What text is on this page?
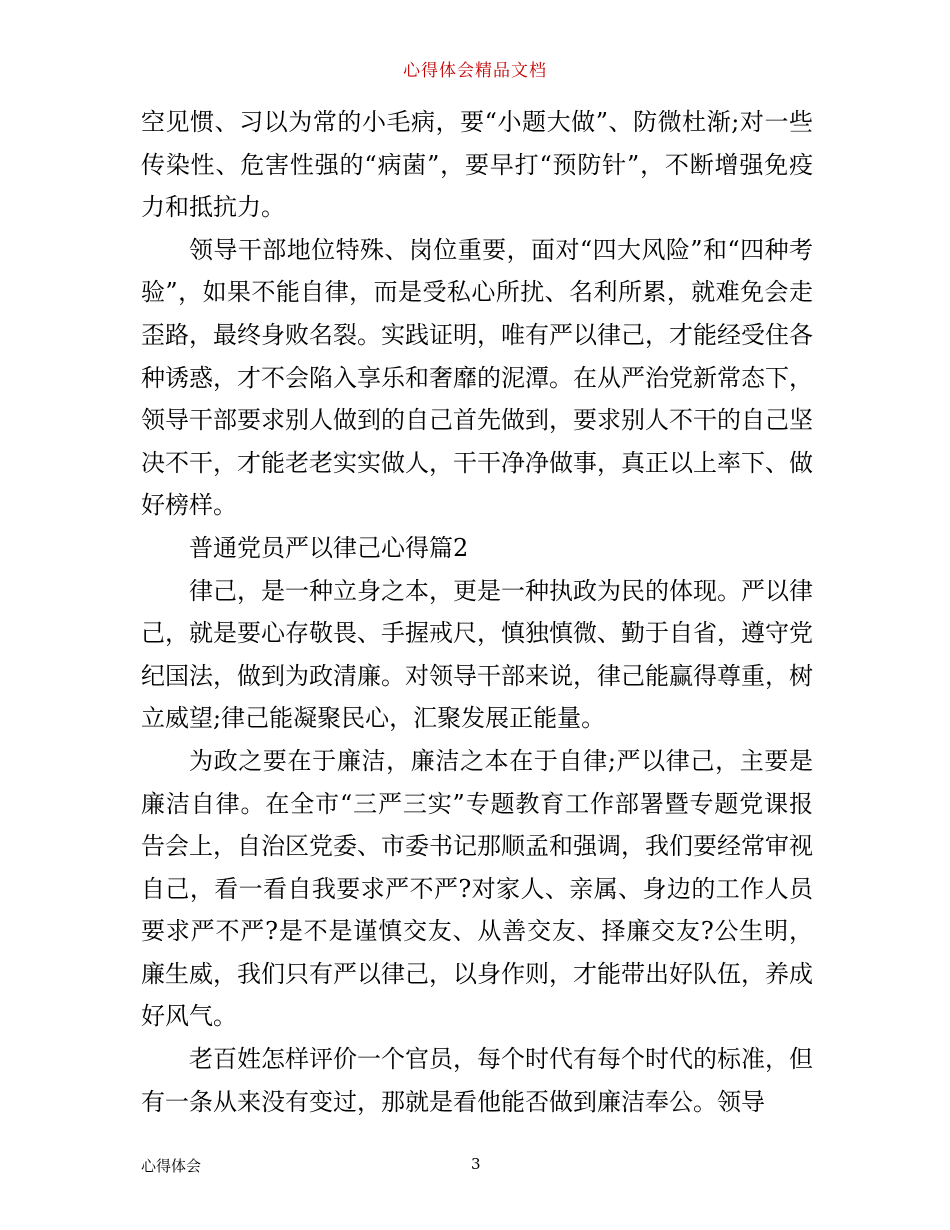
心得体会精品文档

空见惯、习以为常的小毛病，要“小题大做”、防微杜渐;对一些传染性、危害性强的“病菌”，要早打“预防针”，不断增强免疫力和抵抗力。

领导干部地位特殊、岗位重要，面对“四大风险”和“四种考验”，如果不能自律，而是受私心所扰、名利所累，就难免会走歪路，最终身败名裂。实践证明，唯有严以律己，才能经受住各种诱惑，才不会陷入享乐和奢靡的泥潭。在从严治党新常态下，领导干部要求别人做到的自己首先做到，要求别人不干的自己坚决不干，才能老老实实做人，干干净净做事，真正以上率下、做好榜样。

普通党员严以律己心得篇2

律己，是一种立身之本，更是一种执政为民的体现。严以律己，就是要心存敬畏、手握戒尺，慎独慎微、勤于自省，遵守党纪国法，做到为政清廉。对领导干部来说，律己能赢得尊重，树立威望;律己能凝聚民心，汇聚发展正能量。

为政之要在于廉洁，廉洁之本在于自律;严以律己，主要是廉洁自律。在全市“三严三实”专题教育工作部署暨专题党课报告会上，自治区党委、市委书记那顺孟和强调，我们要经常审视自己，看一看自我要求严不严?对家人、亲属、身边的工作人员要求严不严?是不是谨慎交友、从善交友、择廉交友?公生明，廉生威，我们只有严以律己，以身作则，才能带出好队伍，养成好风气。

老百姓怎样评价一个官员，每个时代有每个时代的标准，但有一条从来没有变过，那就是看他能否做到廉洁奉公。领导

心得体会	3
